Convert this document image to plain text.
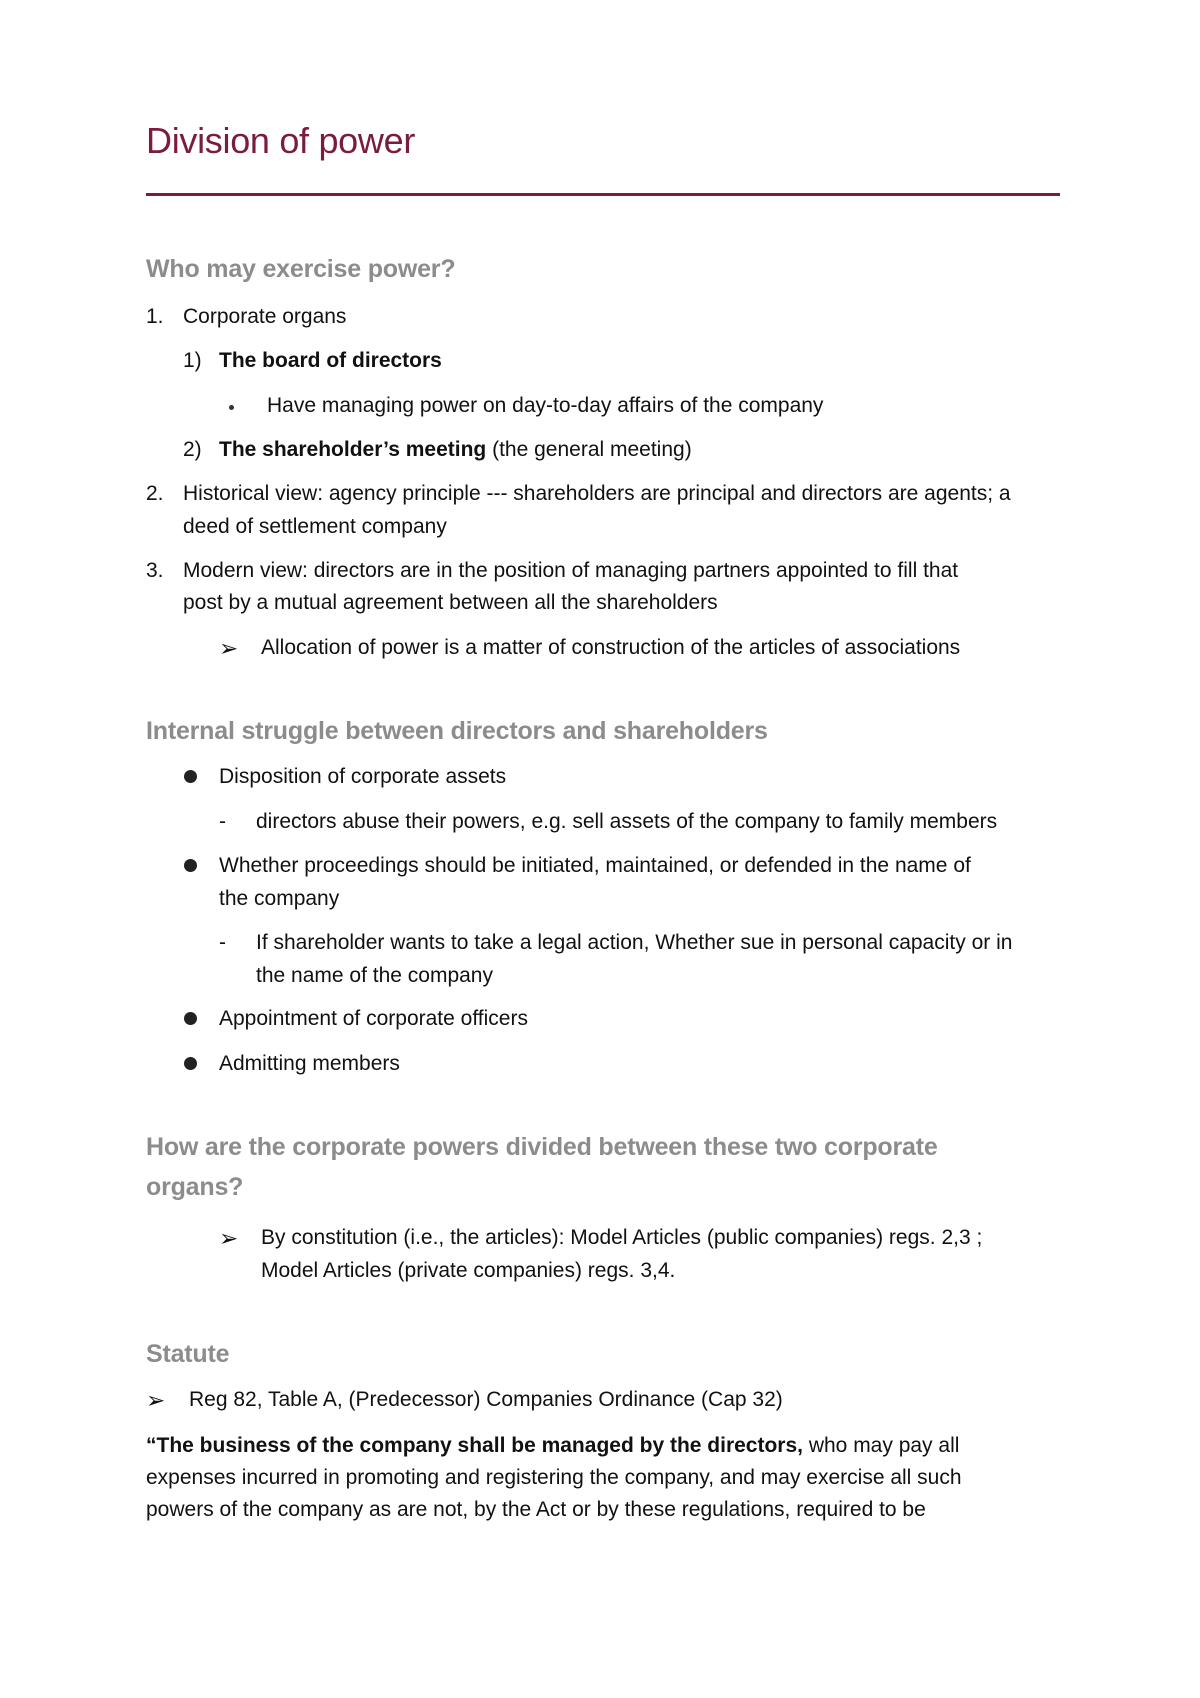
Division of power
Who may exercise power?
1. Corporate organs
1) The board of directors
Have managing power on day-to-day affairs of the company
2) The shareholder’s meeting (the general meeting)
2. Historical view: agency principle --- shareholders are principal and directors are agents; a
deed of settlement company
3. Modern view: directors are in the position of managing partners appointed to fill that
post by a mutual agreement between all the shareholders
➢ Allocation of power is a matter of construction of the articles of associations
Internal struggle between directors and shareholders
Disposition of corporate assets
- directors abuse their powers, e.g. sell assets of the company to family members
Whether proceedings should be initiated, maintained, or defended in the name of
the company
- If shareholder wants to take a legal action, Whether sue in personal capacity or in
the name of the company
Appointment of corporate officers
Admitting members
How are the corporate powers divided between these two corporate
organs?
➢ By constitution (i.e., the articles): Model Articles (public companies) regs. 2,3 ;
Model Articles (private companies) regs. 3,4.
Statute
➢ Reg 82, Table A, (Predecessor) Companies Ordinance (Cap 32)
“The business of the company shall be managed by the directors, who may pay all
expenses incurred in promoting and registering the company, and may exercise all such
powers of the company as are not, by the Act or by these regulations, required to be
